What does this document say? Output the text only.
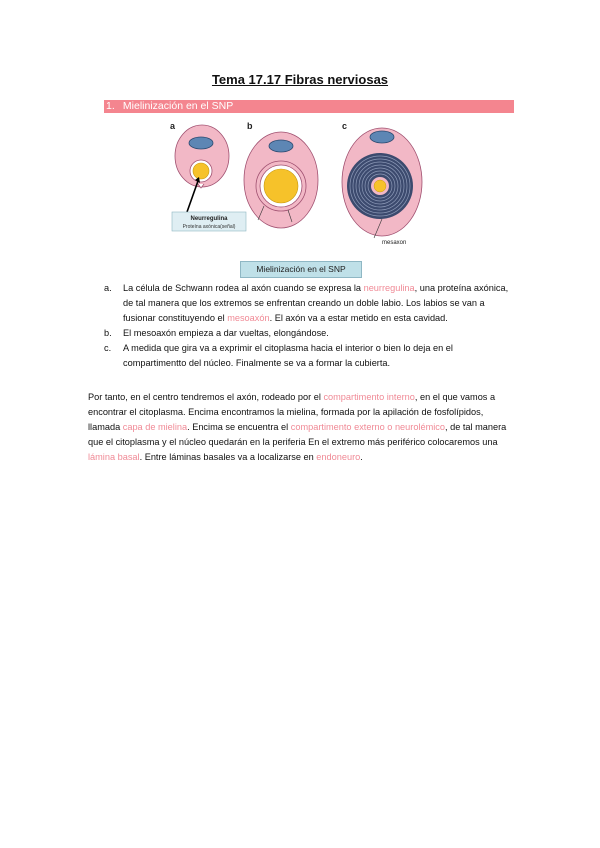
Tema 17.17 Fibras nerviosas
1. Mielinización en el SNP
a	b	c
Neurregulina
Proteína axónica(señal)
mesaxon
Mielinización en el SNP
a. La célula de Schwann rodea al axón cuando se expresa la neurregulina, una proteína axónica, de tal manera que los extremos se enfrentan creando un doble labio. Los labios se van a fusionar constituyendo el mesoaxón. El axón va a estar metido en esta cavidad.
b. El mesoaxón empieza a dar vueltas, elongándose.
c. A medida que gira va a exprimir el citoplasma hacia el interior o bien lo deja en el compartimentto del núcleo. Finalmente se va a formar la cubierta.

Por tanto, en el centro tendremos el axón, rodeado por el compartimento interno, en el que vamos a encontrar el citoplasma. Encima encontramos la mielina, formada por la apilación de fosfolípidos, llamada capa de mielina. Encima se encuentra el compartimento externo o neurolémico, de tal manera que el citoplasma y el núcleo quedarán en la periferia En el extremo más periférico colocaremos una lámina basal. Entre láminas basales va a localizarse en endoneuro.
